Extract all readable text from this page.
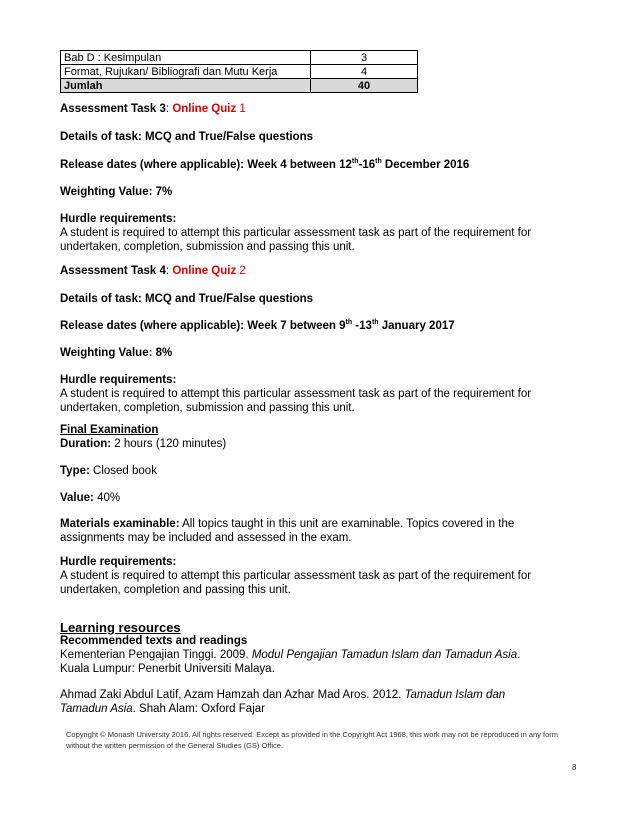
Bab D : Kesimpulan	3
Format, Rujukan/ Bibliografi dan Mutu Kerja	4
Jumlah	40
Assessment Task 3: Online Quiz 1
Details of task: MCQ and True/False questions
Release dates (where applicable): Week 4 between 12th-16th December 2016
Weighting Value: 7%
Hurdle requirements:
A student is required to attempt this particular assessment task as part of the requirement for
undertaken, completion, submission and passing this unit.
Assessment Task 4: Online Quiz 2
Details of task: MCQ and True/False questions
Release dates (where applicable): Week 7 between 9th -13th January 2017
Weighting Value: 8%
Hurdle requirements:
A student is required to attempt this particular assessment task as part of the requirement for
undertaken, completion, submission and passing this unit.
Final Examination
Duration: 2 hours (120 minutes)
Type: Closed book
Value: 40%
Materials examinable: All topics taught in this unit are examinable. Topics covered in the
assignments may be included and assessed in the exam.
Hurdle requirements:
A student is required to attempt this particular assessment task as part of the requirement for
undertaken, completion and passing this unit.
Learning resources
Recommended texts and readings
Kementerian Pengajian Tinggi. 2009. Modul Pengajian Tamadun Islam dan Tamadun Asia.
Kuala Lumpur: Penerbit Universiti Malaya.
Ahmad Zaki Abdul Latif, Azam Hamzah dan Azhar Mad Aros. 2012. Tamadun Islam dan
Tamadun Asia. Shah Alam: Oxford Fajar
Copyright © Monash University 2016. All rights reserved. Except as provided in the Copyright Act 1968, this work may not be reproduced in any form
without the written permission of the General Studies (GS) Office.
8
